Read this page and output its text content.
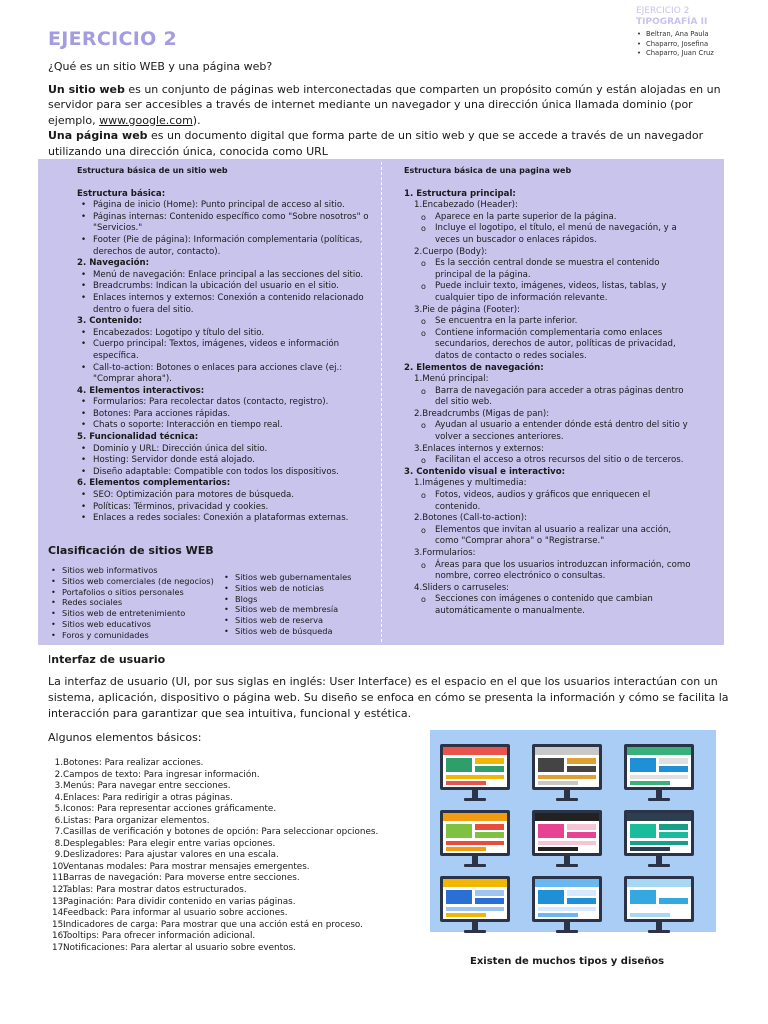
EJERCICIO 2
EJERCICIO 2
TIPOGRAFÍA II
• Beltran, Ana Paula
• Chaparro, Josefina
• Chaparro, Juan Cruz

¿Qué es un sitio WEB y una página web?

Un sitio web es un conjunto de páginas web interconectadas que comparten un propósito común y están alojadas en un servidor para ser accesibles a través de internet mediante un navegador y una dirección única llamada dominio (por ejemplo, www.google.com).

Una página web es un documento digital que forma parte de un sitio web y que se accede a través de un navegador utilizando una dirección única, conocida como URL

Estructura básica de un sitio web
Estructura básica:
• Página de inicio (Home): Punto principal de acceso al sitio.
• Páginas internas: Contenido específico como "Sobre nosotros" o "Servicios."
• Footer (Pie de página): Información complementaria (políticas, derechos de autor, contacto).
2. Navegación:
• Menú de navegación: Enlace principal a las secciones del sitio.
• Breadcrumbs: Indican la ubicación del usuario en el sitio.
• Enlaces internos y externos: Conexión a contenido relacionado dentro o fuera del sitio.
3. Contenido:
• Encabezados: Logotipo y título del sitio.
• Cuerpo principal: Textos, imágenes, videos e información específica.
• Call-to-action: Botones o enlaces para acciones clave (ej.: "Comprar ahora").
4. Elementos interactivos:
• Formularios: Para recolectar datos (contacto, registro).
• Botones: Para acciones rápidas.
• Chats o soporte: Interacción en tiempo real.
5. Funcionalidad técnica:
• Dominio y URL: Dirección única del sitio.
• Hosting: Servidor donde está alojado.
• Diseño adaptable: Compatible con todos los dispositivos.
6. Elementos complementarios:
• SEO: Optimización para motores de búsqueda.
• Políticas: Términos, privacidad y cookies.
• Enlaces a redes sociales: Conexión a plataformas externas.
Estructura básica de una pagina web
1. Estructura principal:
1.Encabezado (Header):
o Aparece en la parte superior de la página.
o Incluye el logotipo, el título, el menú de navegación, y a veces un buscador o enlaces rápidos.
2.Cuerpo (Body):
o Es la sección central donde se muestra el contenido principal de la página.
o Puede incluir texto, imágenes, videos, listas, tablas, y cualquier tipo de información relevante.
3.Pie de página (Footer):
o Se encuentra en la parte inferior.
o Contiene información complementaria como enlaces secundarios, derechos de autor, políticas de privacidad, datos de contacto o redes sociales.
2. Elementos de navegación:
1.Menú principal:
o Barra de navegación para acceder a otras páginas dentro del sitio web.
2.Breadcrumbs (Migas de pan):
o Ayudan al usuario a entender dónde está dentro del sitio y volver a secciones anteriores.
3.Enlaces internos y externos:
o Facilitan el acceso a otros recursos del sitio o de terceros.
3. Contenido visual e interactivo:
1.Imágenes y multimedia:
o Fotos, videos, audios y gráficos que enriquecen el contenido.
2.Botones (Call-to-action):
o Elementos que invitan al usuario a realizar una acción, como "Comprar ahora" o "Registrarse."
3.Formularios:
o Áreas para que los usuarios introduzcan información, como nombre, correo electrónico o consultas.
4.Sliders o carruseles:
o Secciones con imágenes o contenido que cambian automáticamente o manualmente.
Clasificación de sitios WEB
• Sitios web informativos
• Sitios web comerciales (de negocios)
• Portafolios o sitios personales
• Redes sociales
• Sitios web de entretenimiento
• Sitios web educativos
• Foros y comunidades
• Sitios web gubernamentales
• Sitios web de noticias
• Blogs
• Sitios web de membresía
• Sitios web de reserva
• Sitios web de búsqueda
Interfaz de usuario
La interfaz de usuario (UI, por sus siglas en inglés: User Interface) es el espacio en el que los usuarios interactúan con un sistema, aplicación, dispositivo o página web. Su diseño se enfoca en cómo se presenta la información y cómo se facilita la interacción para garantizar que sea intuitiva, funcional y estética.
Algunos elementos básicos:
1.Botones: Para realizar acciones.
2.Campos de texto: Para ingresar información.
3.Menús: Para navegar entre secciones.
4.Enlaces: Para redirigir a otras páginas.
5.Iconos: Para representar acciones gráficamente.
6.Listas: Para organizar elementos.
7.Casillas de verificación y botones de opción: Para seleccionar opciones.
8.Desplegables: Para elegir entre varias opciones.
9.Deslizadores: Para ajustar valores en una escala.
10.Ventanas modales: Para mostrar mensajes emergentes.
11.Barras de navegación: Para moverse entre secciones.
12.Tablas: Para mostrar datos estructurados.
13.Paginación: Para dividir contenido en varias páginas.
14.Feedback: Para informar al usuario sobre acciones.
15.Indicadores de carga: Para mostrar que una acción está en proceso.
16.Tooltips: Para ofrecer información adicional.
17.Notificaciones: Para alertar al usuario sobre eventos.
Existen de muchos tipos y diseños
